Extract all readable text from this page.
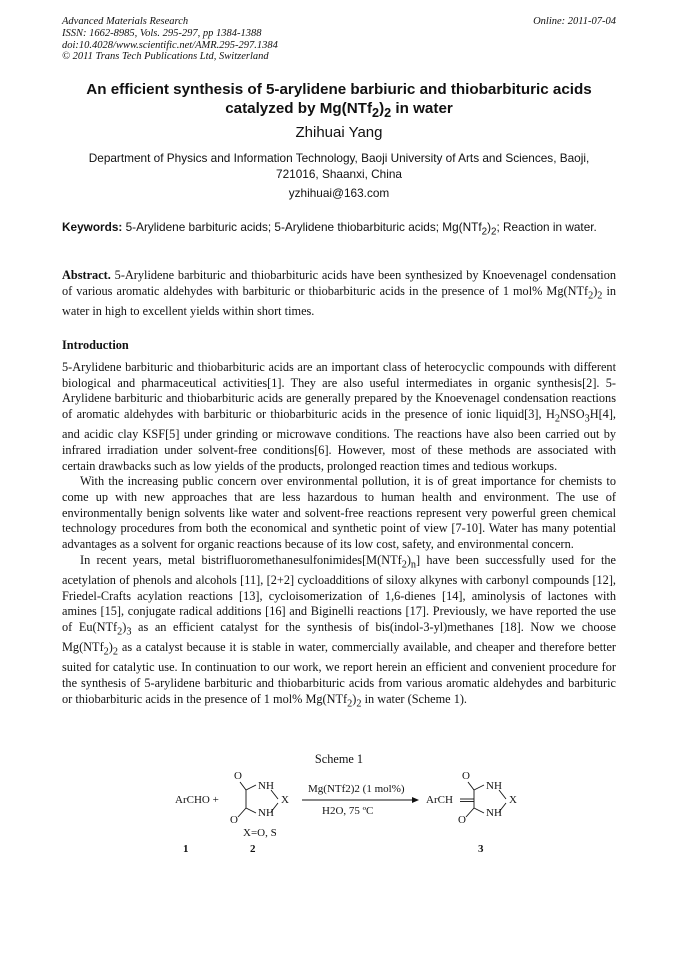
Advanced Materials Research
ISSN: 1662-8985, Vols. 295-297, pp 1384-1388
doi:10.4028/www.scientific.net/AMR.295-297.1384
© 2011 Trans Tech Publications Ltd, Switzerland
Online: 2011-07-04
An efficient synthesis of 5-arylidene barbiuric and thiobarbituric acids
catalyzed by $Mg(NTf_2)_2$ in water
Zhihuai Yang
Department of Physics and Information Technology, Baoji University of Arts and Sciences, Baoji,
721016, Shaanxi, China
yzhihuai@163.com
Keywords: 5-Arylidene barbituric acids; 5-Arylidene thiobarbituric acids; $Mg(NTf_2)_2$; Reaction in water.
Abstract. 5-Arylidene barbituric and thiobarbituric acids have been synthesized by Knoevenagel condensation of various aromatic aldehydes with barbituric or thiobarbituric acids in the presence of 1 mol% $Mg(NTf_2)_2$ in water in high to excellent yields within short times.
Introduction

5-Arylidene barbituric and thiobarbituric acids are an important class of heterocyclic compounds with different biological and pharmaceutical activities[1]. They are also useful intermediates in organic synthesis[2]. 5-Arylidene barbituric and thiobarbituric acids are generally prepared by the Knoevenagel condensation reactions of aromatic aldehydes with barbituric or thiobarbituric acids in the presence of ionic liquid[3], $H_2NSO_3H[4]$, and acidic clay KSF[5] under grinding or microwave conditions. The reactions have also been carried out by infrared irradiation under solvent-free conditions[6]. However, most of these methods are associated with certain drawbacks such as low yields of the products, prolonged reaction times and tedious workups.

With the increasing public concern over environmental pollution, it is of great importance for chemists to come up with new approaches that are less hazardous to human health and environment. The use of environmentally benign solvents like water and solvent-free reactions represent very powerful green chemical technology procedures from both the economical and synthetic point of view [7-10]. Water has many potential advantages as a solvent for organic reactions because of its low cost, safety, and environmental concern.

In recent years, metal $bistrifluoromethanesulfonimides[M(NTf_2)_n]$ have been successfully used for the acetylation of phenols and alcohols [11], [2+2] cycloadditions of siloxy alkynes with carbonyl compounds [12], Friedel-Crafts acylation reactions [13], cycloisomerization of 1,6-dienes [14], aminolysis of lactones with amines [15], conjugate radical additions [16] and Biginelli reactions [17]. Previously, we have reported the use of $Eu(NTf_2)_3$ as an efficient catalyst for the synthesis of bis(indol-3-yl)methanes [18]. Now we choose $Mg(NTf_2)_2$ as a catalyst because it is stable in water, commercially available, and cheaper and therefore better suited for catalytic use. In continuation to our work, we report herein an efficient and convenient procedure for the synthesis of 5-arylidene barbituric and thiobarbituric acids from various aromatic aldehydes and barbituric or thiobarbituric acids in the presence of 1 mol% $Mg(NTf_2)_2$ in water (Scheme 1).

Scheme 1
ArCHO +
O
NH
X
NH
O
Mg(NTf2)2 (1 mol%)
H2O, 75 ºC
ArCH
O
NH
X
NH
O
X=O, S
1	2	3
